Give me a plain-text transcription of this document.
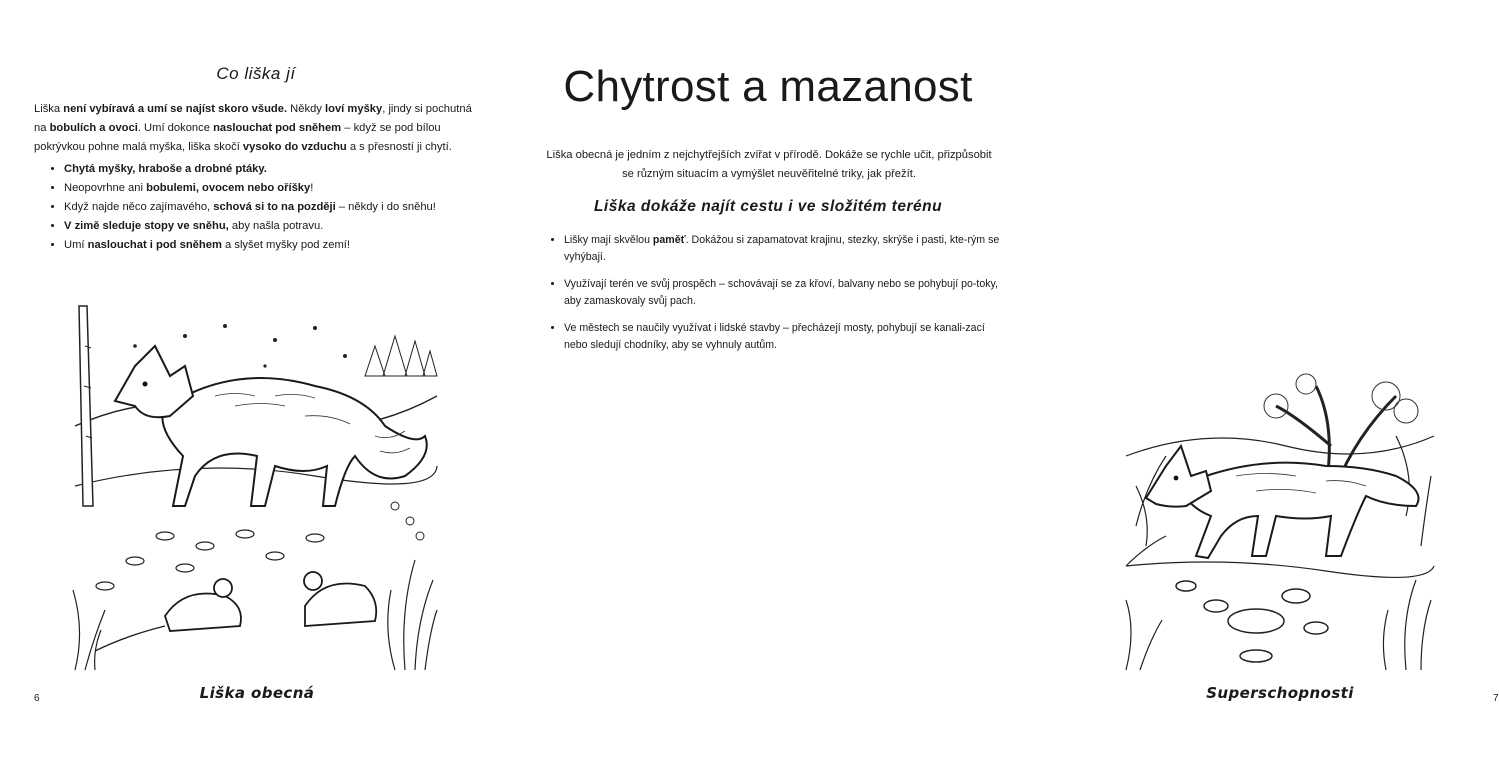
Co liška jí

Liška není vybíravá a umí se najíst skoro všude. Někdy loví myšky, jindy si pochutná na bobulích a ovoci. Umí dokonce naslouchat pod sněhem – když se pod bílou pokrývkou pohne malá myška, liška skočí vysoko do vzduchu a s přesností ji chytí.

• Chytá myšky, hraboše a drobné ptáky.
• Neopovrhne ani bobulemi, ovocem nebo oříšky!
• Když najde něco zajímavého, schová si to na později – někdy i do sněhu!
• V zimě sleduje stopy ve sněhu, aby našla potravu.
• Umí naslouchat i pod sněhem a slyšet myšky pod zemí!
Liška obecná
6
Chytrost a mazanost

Liška obecná je jedním z nejchytřejších zvířat v přírodě. Dokáže se rychle učit, přizpůsobit se různým situacím a vymýšlet neuvěřitelné triky, jak přežít.

Liška dokáže najít cestu i ve složitém terénu
• Lišky mají skvělou paměť. Dokážou si zapamatovat krajinu, stezky, skrýše i pasti, kte-rým se vyhýbají.
• Využívají terén ve svůj prospěch – schovávají se za křoví, balvany nebo se pohybují po-toky, aby zamaskovaly svůj pach.
• Ve městech se naučily využívat i lidské stavby – přecházejí mosty, pohybují se kanali-zací nebo sledují chodníky, aby se vyhnuly autům.
Superschopnosti	7
